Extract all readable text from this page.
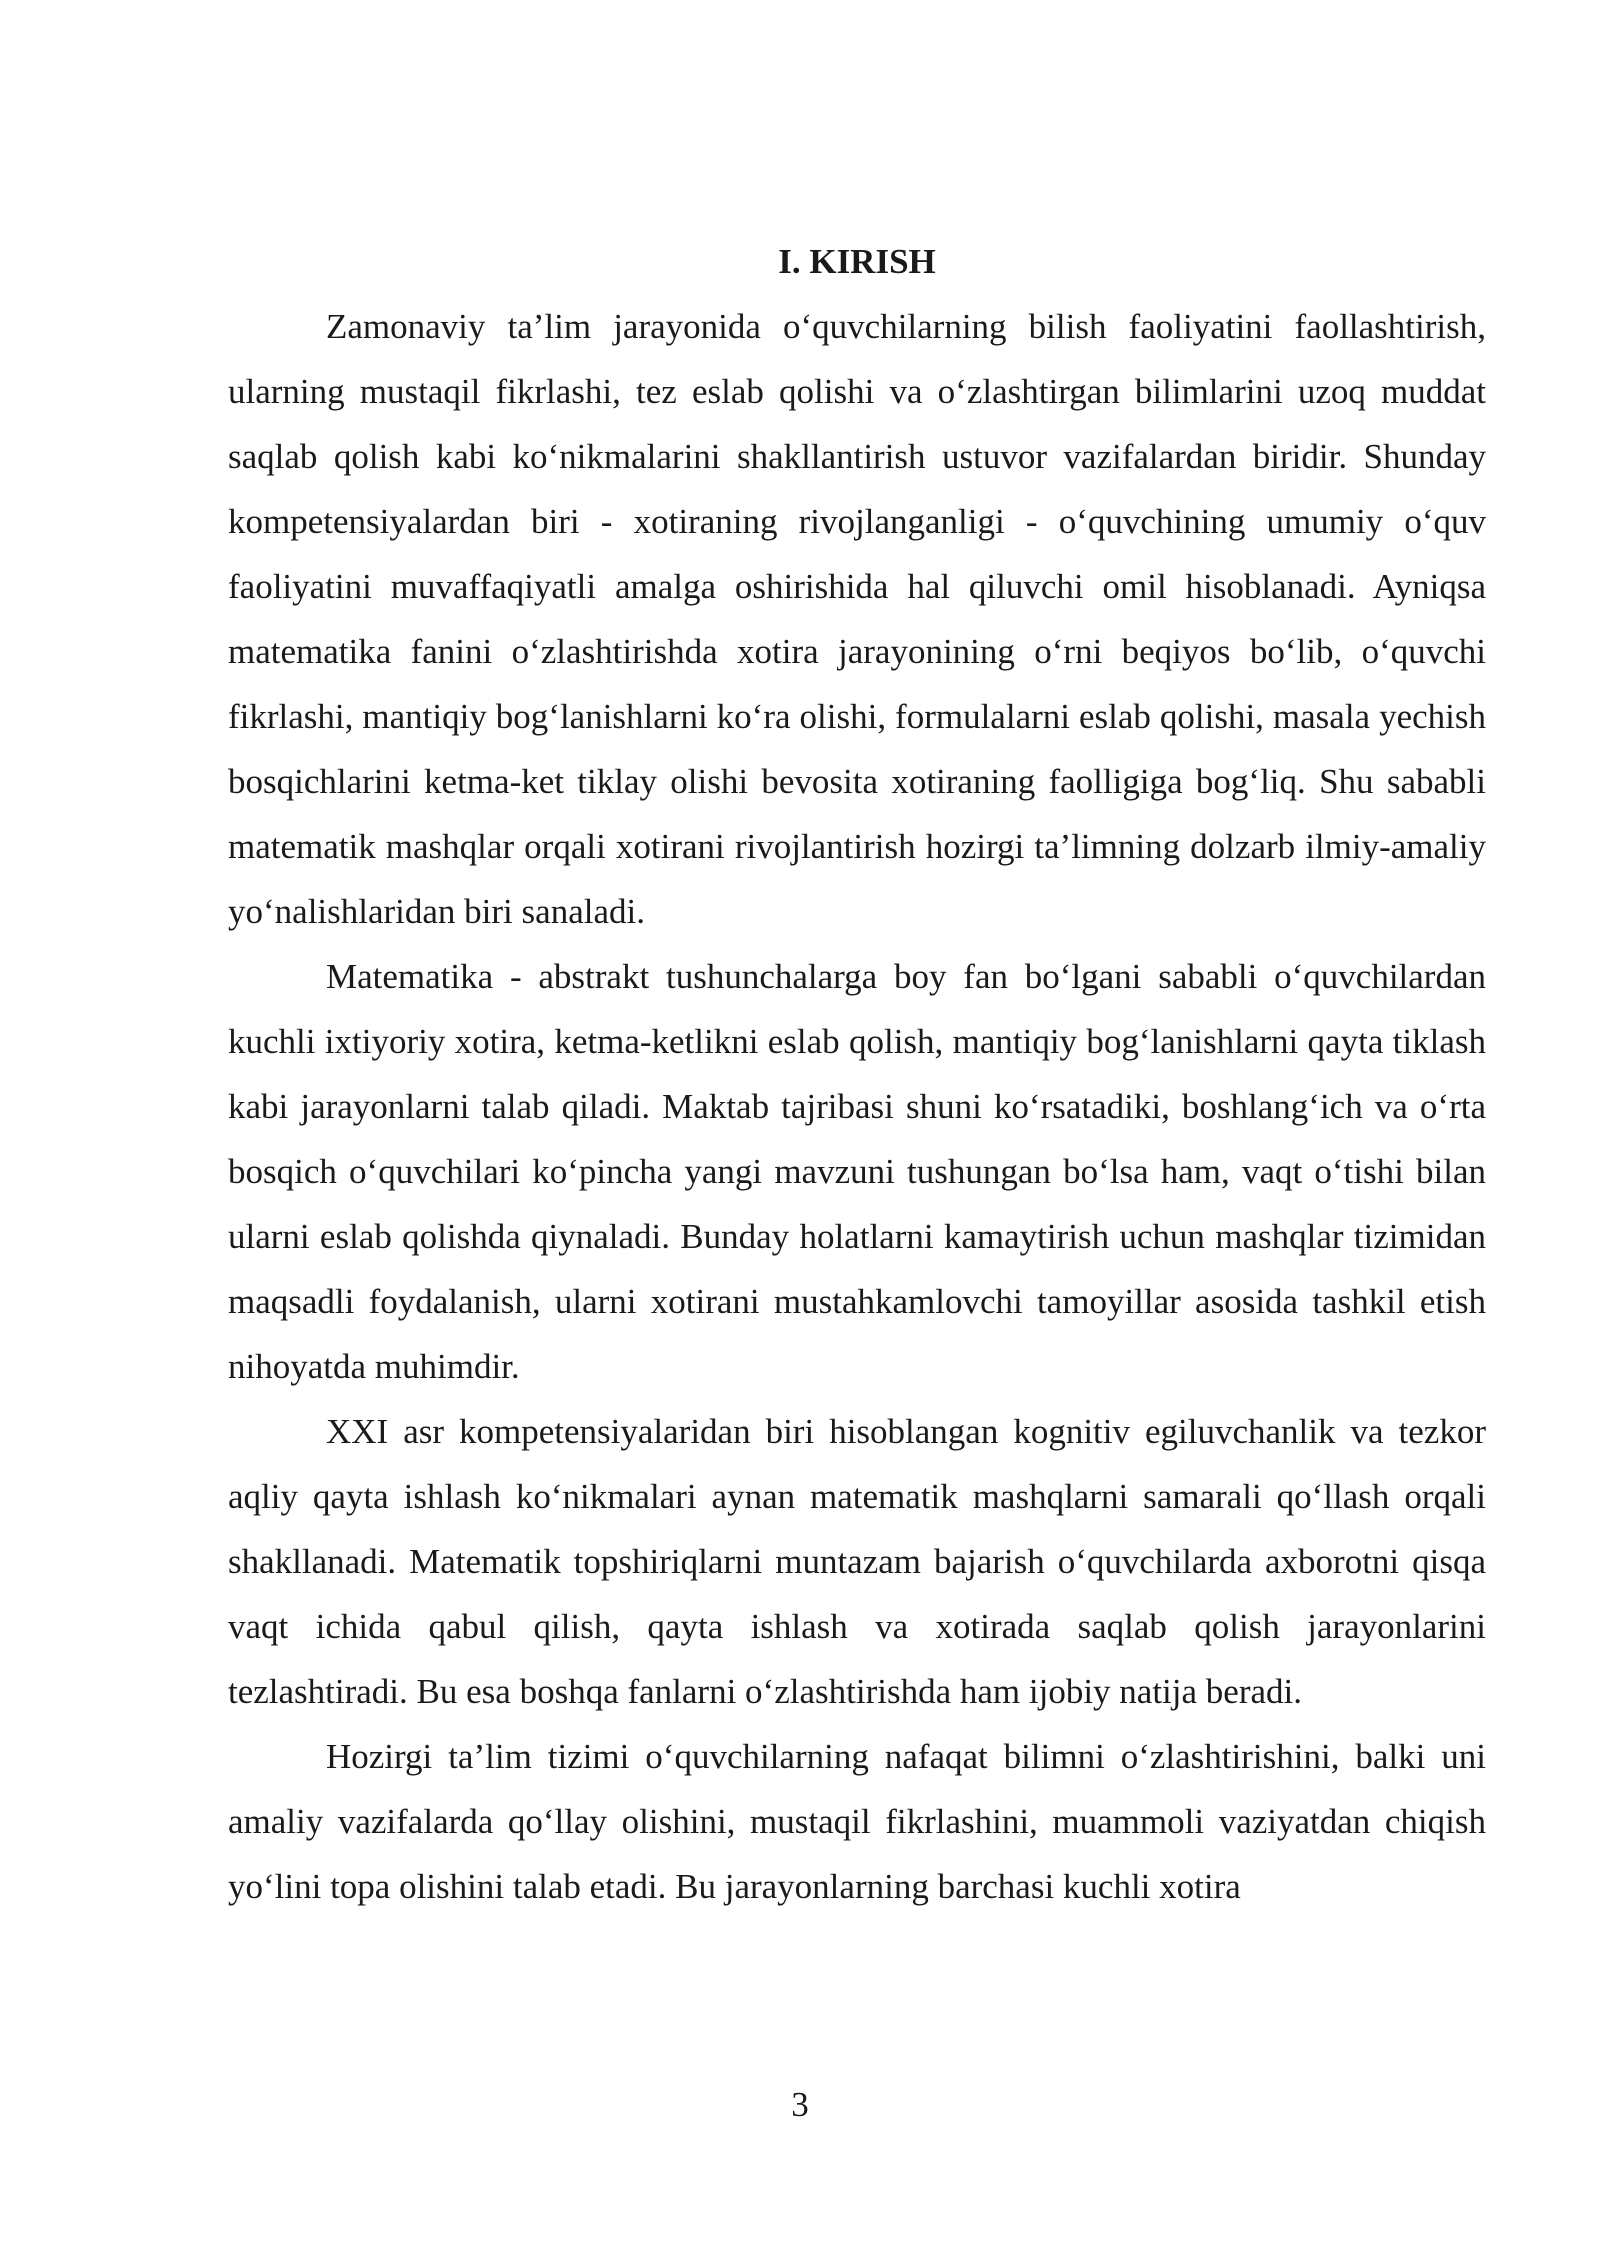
I. KIRISH

Zamonaviy ta’lim jarayonida o‘quvchilarning bilish faoliyatini faollashtirish, ularning mustaqil fikrlashi, tez eslab qolishi va o‘zlashtirgan bilimlarini uzoq muddat saqlab qolish kabi ko‘nikmalarini shakllantirish ustuvor vazifalardan biridir. Shunday kompetensiyalardan biri - xotiraning rivojlanganligi - o‘quvchining umumiy o‘quv faoliyatini muvaffaqiyatli amalga oshirishida hal qiluvchi omil hisoblanadi. Ayniqsa matematika fanini o‘zlashtirishda xotira jarayonining o‘rni beqiyos bo‘lib, o‘quvchi fikrlashi, mantiqiy bog‘lanishlarni ko‘ra olishi, formulalarni eslab qolishi, masala yechish bosqichlarini ketma-ket tiklay olishi bevosita xotiraning faolligiga bog‘liq. Shu sababli matematik mashqlar orqali xotirani rivojlantirish hozirgi ta’limning dolzarb ilmiy-amaliy yo‘nalishlaridan biri sanaladi.

Matematika - abstrakt tushunchalarga boy fan bo‘lgani sababli o‘quvchilardan kuchli ixtiyoriy xotira, ketma-ketlikni eslab qolish, mantiqiy bog‘lanishlarni qayta tiklash kabi jarayonlarni talab qiladi. Maktab tajribasi shuni ko‘rsatadiki, boshlang‘ich va o‘rta bosqich o‘quvchilari ko‘pincha yangi mavzuni tushungan bo‘lsa ham, vaqt o‘tishi bilan ularni eslab qolishda qiynaladi. Bunday holatlarni kamaytirish uchun mashqlar tizimidan maqsadli foydalanish, ularni xotirani mustahkamlovchi tamoyillar asosida tashkil etish nihoyatda muhimdir.

XXI asr kompetensiyalaridan biri hisoblangan kognitiv egiluvchanlik va tezkor aqliy qayta ishlash ko‘nikmalari aynan matematik mashqlarni samarali qo‘llash orqali shakllanadi. Matematik topshiriqlarni muntazam bajarish o‘quvchilarda axborotni qisqa vaqt ichida qabul qilish, qayta ishlash va xotirada saqlab qolish jarayonlarini tezlashtiradi. Bu esa boshqa fanlarni o‘zlashtirishda ham ijobiy natija beradi.

Hozirgi ta’lim tizimi o‘quvchilarning nafaqat bilimni o‘zlashtirishini, balki uni amaliy vazifalarda qo‘llay olishini, mustaqil fikrlashini, muammoli vaziyatdan chiqish yo‘lini topa olishini talab etadi. Bu jarayonlarning barchasi kuchli xotira

3
